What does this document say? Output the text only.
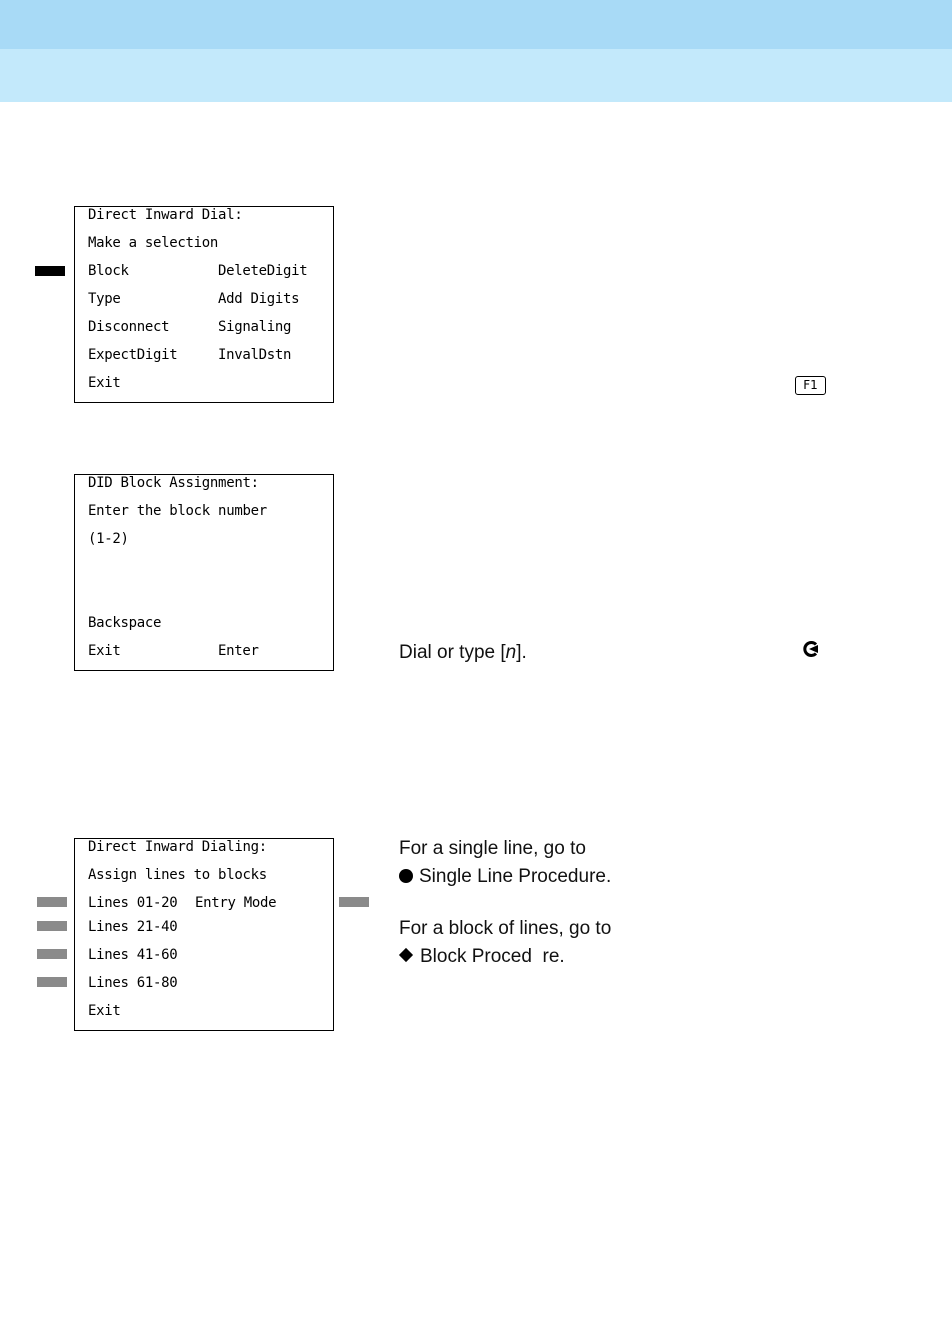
Direct Inward Dial:
Make a selection
Block	DeleteDigit
Type	Add Digits
Disconnect	Signaling
ExpectDigit	InvalDstn
Exit	F1
DID Block Assignment:
Enter the block number
(1-2)
Backspace
Exit	Enter	Dial or type [n].
Direct Inward Dialing:
Assign lines to blocks
Lines 01-20 Entry Mode
Lines 21-40
Lines 41-60
Lines 61-80
Exit
For a single line, go to
Single Line Procedure.
For a block of lines, go to
Block Proced  re.
